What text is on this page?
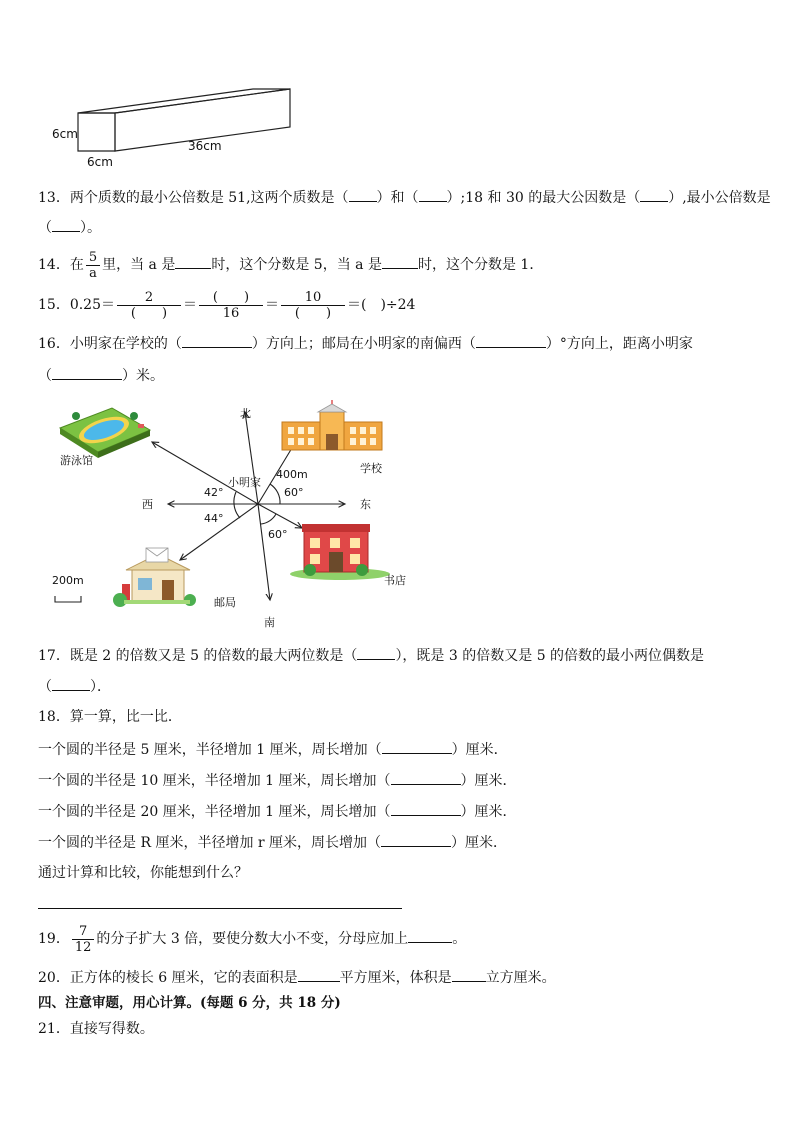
6cm
6cm
36cm
13．两个质数的最小公倍数是 51,这两个质数是（ ）和（ ）;18 和 30 的最大公因数是（ ）,最小公倍数是
（ ）。
14．在 $\frac{5}{a}$ 里，当 a 是	时，这个分数是 5，当 a 是	时，这个分数是 1．
15．$0.25= \frac{2}{( )} = \frac{( )}{16} = \frac{10}{( )}$ ＝(　)÷24
16．小明家在学校的（	）方向上；邮局在小明家的南偏西（	）°方向上，距离小明家
（	）米。
北
南
东
西
小明家
游泳馆
学校
书店
邮局
400m
42°
44°
60°
60°
200m
17．既是 2 的倍数又是 5 的倍数的最大两位数是（	），既是 3 的倍数又是 5 的倍数的最小两位偶数是
（	）．
18．算一算，比一比．
一个圆的半径是 5 厘米，半径增加 1 厘米，周长增加（	）厘米．
一个圆的半径是 10 厘米，半径增加 1 厘米，周长增加（	）厘米．
一个圆的半径是 20 厘米，半径增加 1 厘米，周长增加（	）厘米．
一个圆的半径是 R 厘米，半径增加 r 厘米，周长增加（	）厘米．
通过计算和比较，你能想到什么？
19． $\frac{7}{12}$ 的分子扩大 3 倍，要使分数大小不变，分母应加上	。
20．正方体的棱长 6 厘米，它的表面积是	平方厘米，体积是 立方厘米。
四、注意审题，用心计算。(每题 6 分，共 18 分)
21．直接写得数。
